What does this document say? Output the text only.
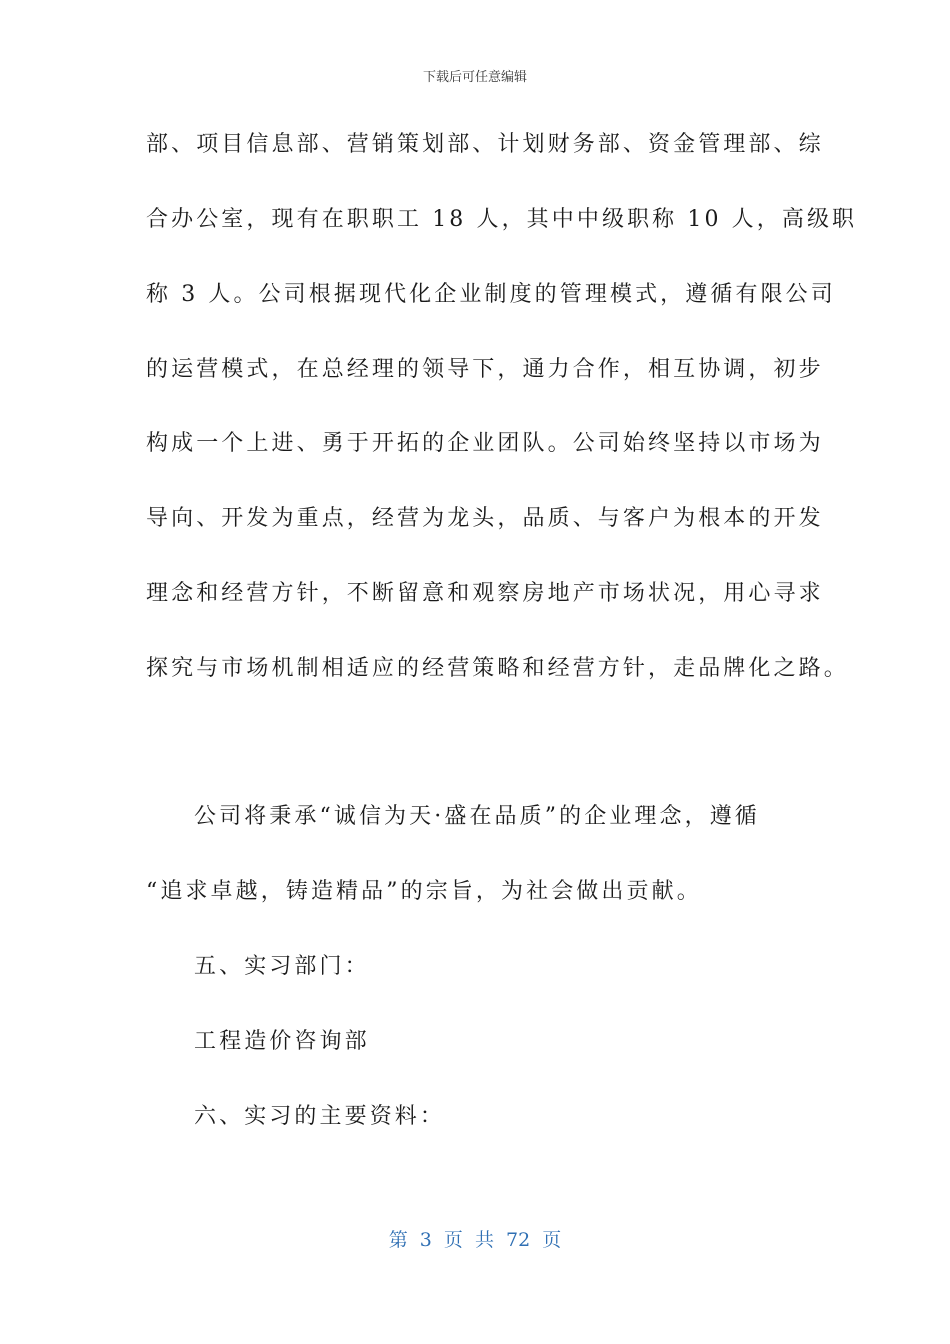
下载后可任意编辑
部、项目信息部、营销策划部、计划财务部、资金管理部、综
合办公室，现有在职职工 18 人，其中中级职称 10 人，高级职
称 3 人。公司根据现代化企业制度的管理模式，遵循有限公司
的运营模式，在总经理的领导下，通力合作，相互协调，初步
构成一个上进、勇于开拓的企业团队。公司始终坚持以市场为
导向、开发为重点，经营为龙头，品质、与客户为根本的开发
理念和经营方针，不断留意和观察房地产市场状况，用心寻求
探究与市场机制相适应的经营策略和经营方针，走品牌化之路。
公司将秉承“诚信为天·盛在品质”的企业理念，遵循
“追求卓越，铸造精品”的宗旨，为社会做出贡献。
五、实习部门：
工程造价咨询部
六、实习的主要资料：
第 3 页 共 72 页
